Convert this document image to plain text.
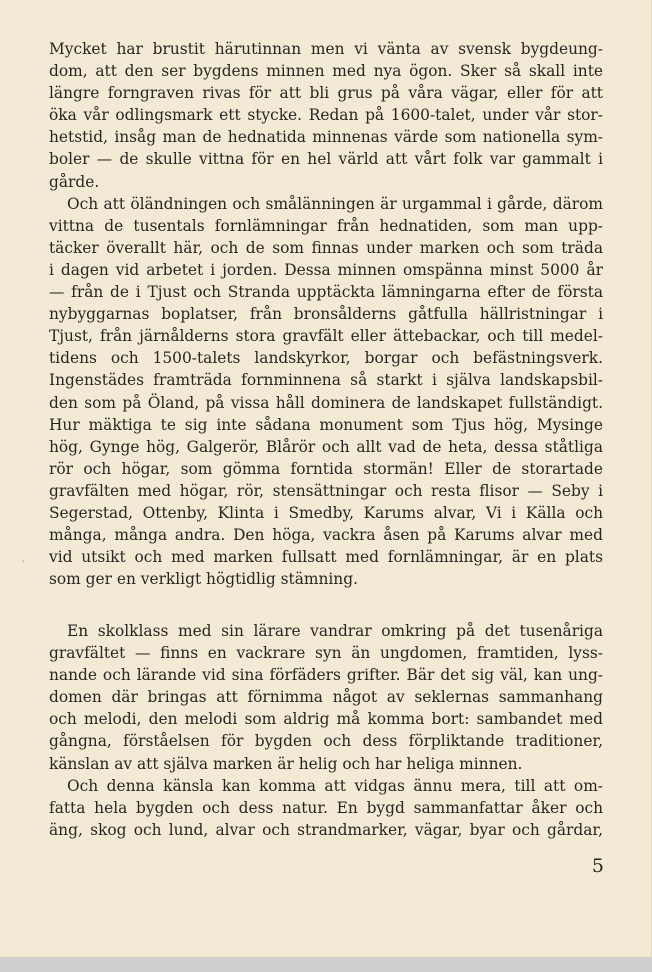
Mycket har brustit härutinnan men vi vänta av svensk bygdeung-
dom, att den ser bygdens minnen med nya ögon. Sker så skall inte
längre forngraven rivas för att bli grus på våra vägar, eller för att
öka vår odlingsmark ett stycke. Redan på 1600-talet, under vår stor-
hetstid, insåg man de hednatida minnenas värde som nationella sym-
boler — de skulle vittna för en hel värld att vårt folk var gammalt i
gårde.
Och att öländningen och smålänningen är urgammal i gårde, därom
vittna de tusentals fornlämningar från hednatiden, som man upp-
täcker överallt här, och de som finnas under marken och som träda
i dagen vid arbetet i jorden. Dessa minnen omspänna minst 5000 år
— från de i Tjust och Stranda upptäckta lämningarna efter de första
nybyggarnas boplatser, från bronsålderns gåtfulla hällristningar i
Tjust, från järnålderns stora gravfält eller ättebackar, och till medel-
tidens och 1500-talets landskyrkor, borgar och befästningsverk.
Ingenstädes framträda fornminnena så starkt i själva landskapsbil-
den som på Öland, på vissa håll dominera de landskapet fullständigt.
Hur mäktiga te sig inte sådana monument som Tjus hög, Mysinge
hög, Gynge hög, Galgerör, Blårör och allt vad de heta, dessa ståtliga
rör och högar, som gömma forntida stormän! Eller de storartade
gravfälten med högar, rör, stensättningar och resta flisor — Seby i
Segerstad, Ottenby, Klinta i Smedby, Karums alvar, Vi i Källa och
många, många andra. Den höga, vackra åsen på Karums alvar med
vid utsikt och med marken fullsatt med fornlämningar, är en plats
som ger en verkligt högtidlig stämning.
En skolklass med sin lärare vandrar omkring på det tusenåriga
gravfältet — finns en vackrare syn än ungdomen, framtiden, lyss-
nande och lärande vid sina förfäders grifter. Bär det sig väl, kan ung-
domen där bringas att förnimma något av seklernas sammanhang
och melodi, den melodi som aldrig må komma bort: sambandet med
gångna, förståelsen för bygden och dess förpliktande traditioner,
känslan av att själva marken är helig och har heliga minnen.
Och denna känsla kan komma att vidgas ännu mera, till att om-
fatta hela bygden och dess natur. En bygd sammanfattar åker och
äng, skog och lund, alvar och strandmarker, vägar, byar och gårdar,
ˊ
5
